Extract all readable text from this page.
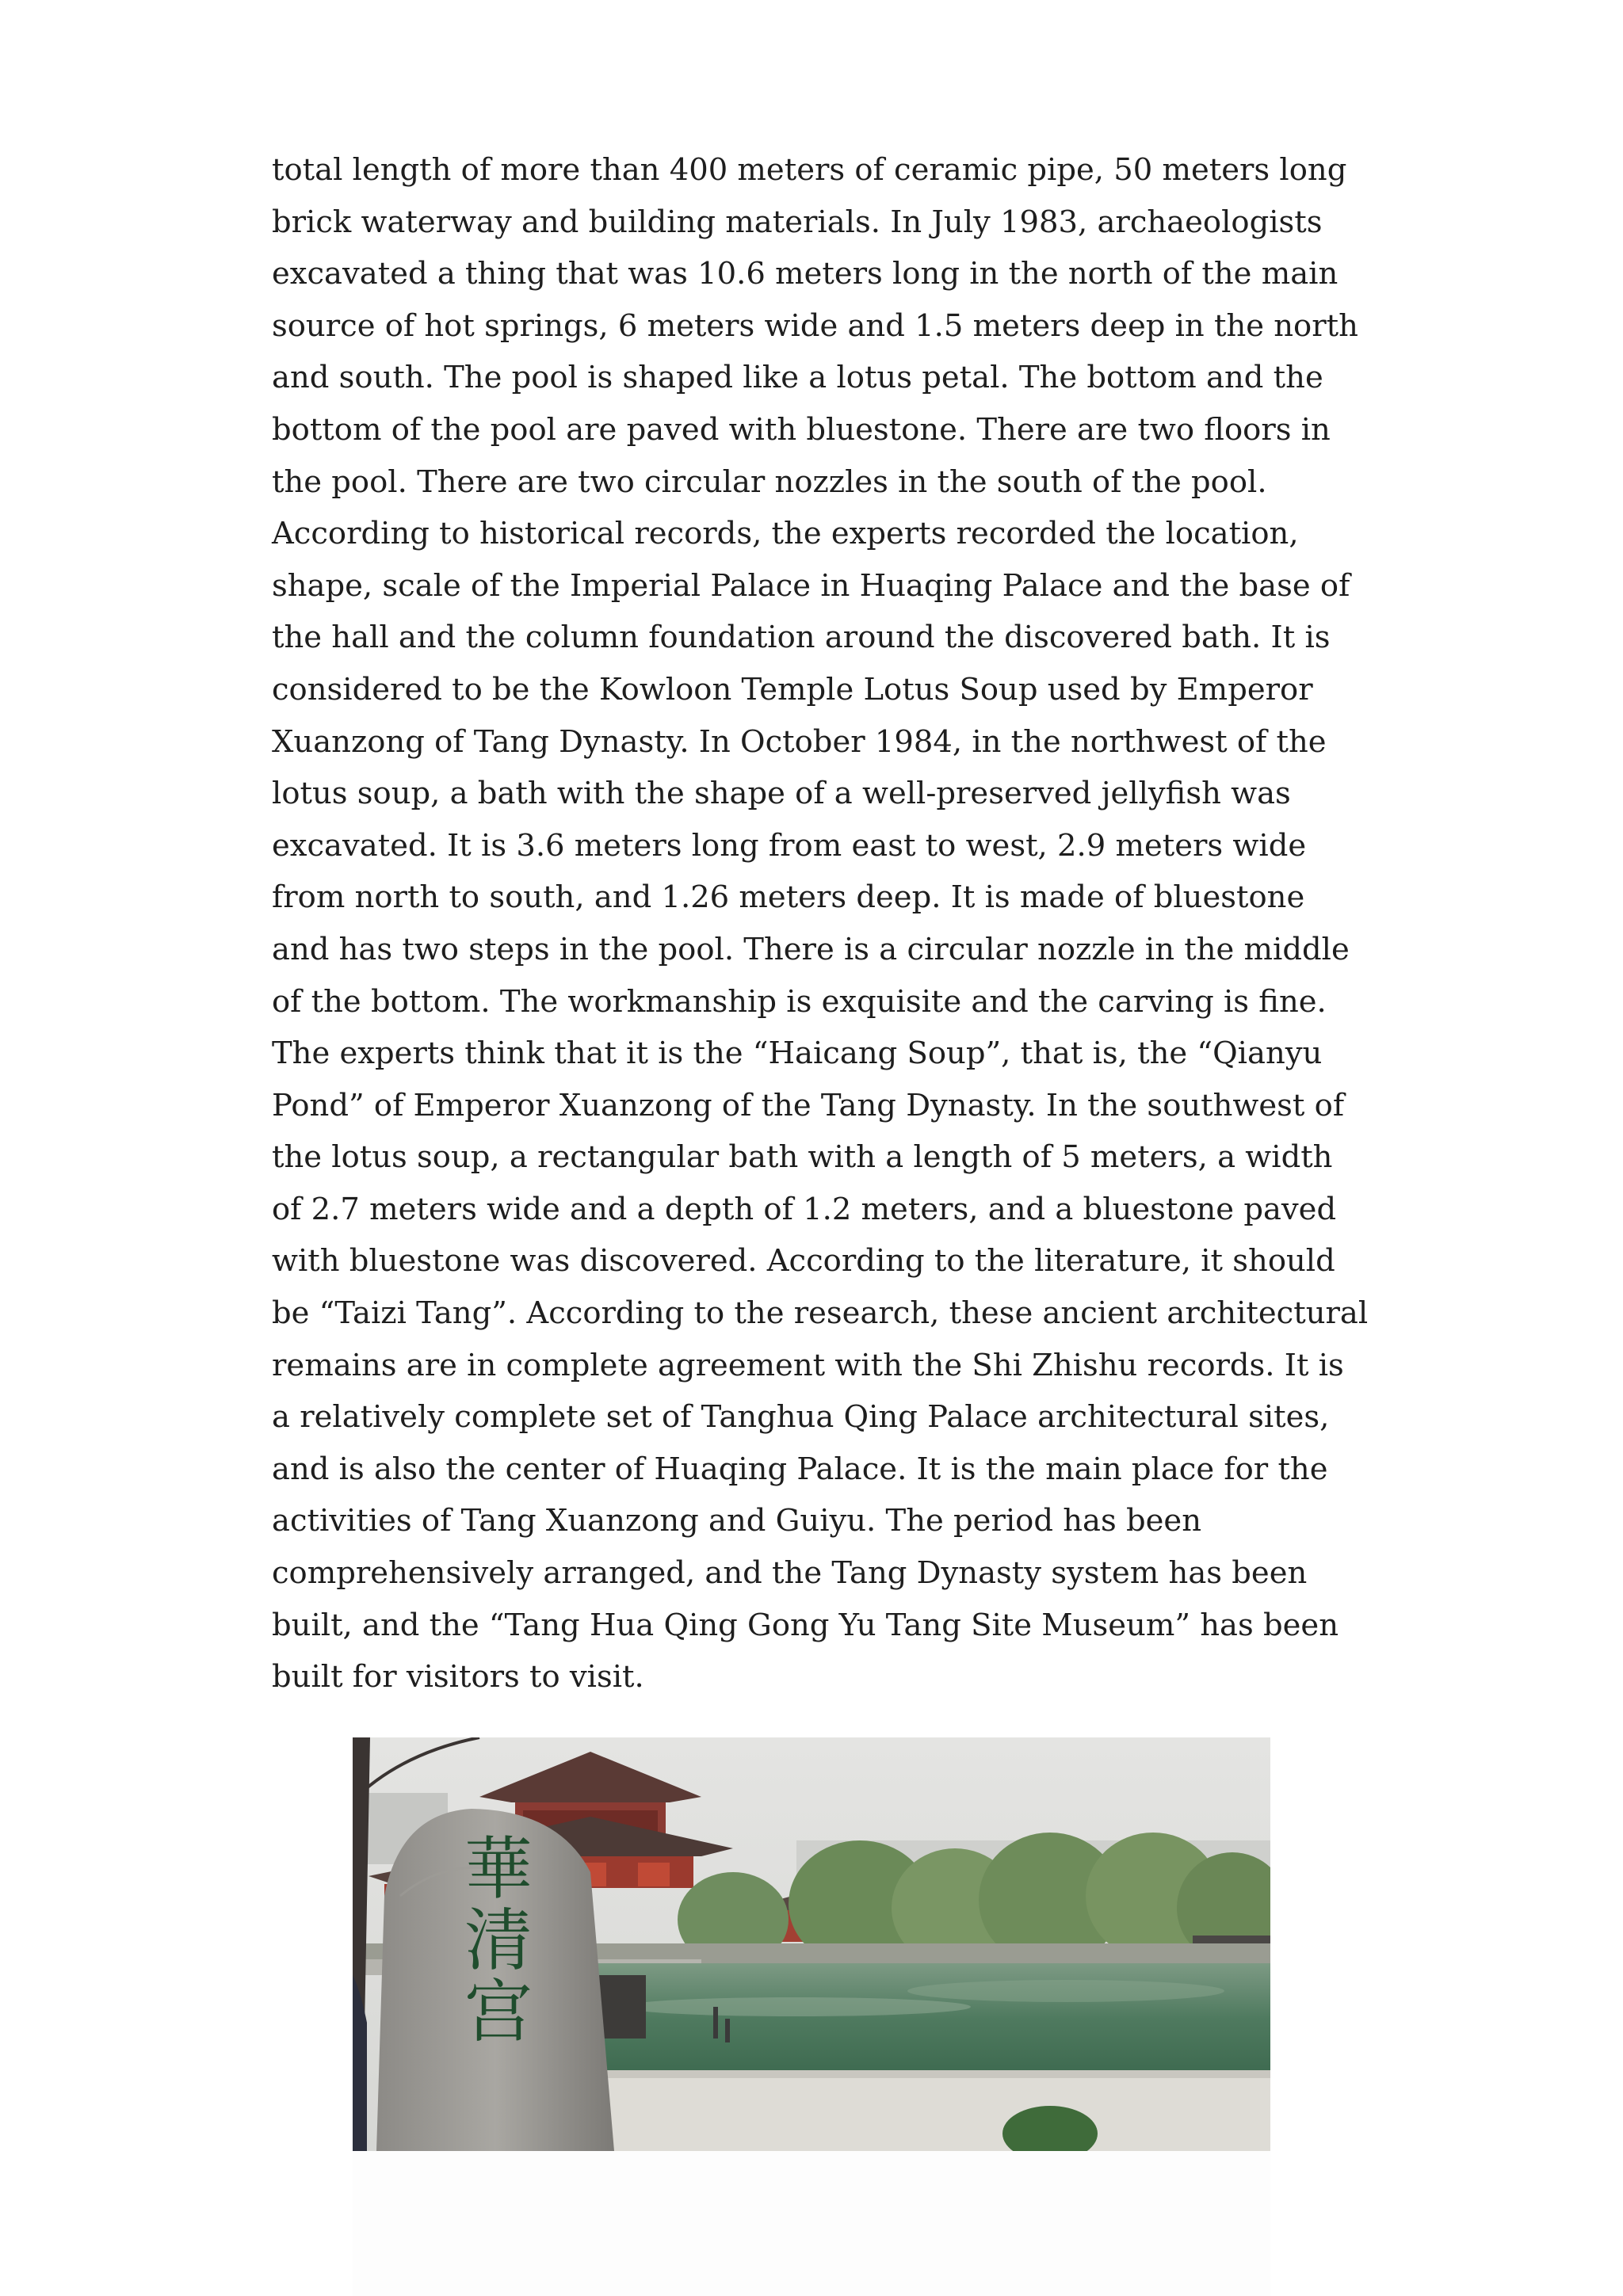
total length of more than 400 meters of ceramic pipe, 50 meters long
brick waterway and building materials. In July 1983, archaeologists
excavated a thing that was 10.6 meters long in the north of the main
source of hot springs, 6 meters wide and 1.5 meters deep in the north
and south. The pool is shaped like a lotus petal. The bottom and the
bottom of the pool are paved with bluestone. There are two floors in
the pool. There are two circular nozzles in the south of the pool.
According to historical records, the experts recorded the location,
shape, scale of the Imperial Palace in Huaqing Palace and the base of
the hall and the column foundation around the discovered bath. It is
considered to be the Kowloon Temple Lotus Soup used by Emperor
Xuanzong of Tang Dynasty. In October 1984, in the northwest of the
lotus soup, a bath with the shape of a well-preserved jellyfish was
excavated. It is 3.6 meters long from east to west, 2.9 meters wide
from north to south, and 1.26 meters deep. It is made of bluestone
and has two steps in the pool. There is a circular nozzle in the middle
of the bottom. The workmanship is exquisite and the carving is fine.
The experts think that it is the “Haicang Soup”, that is, the “Qianyu
Pond” of Emperor Xuanzong of the Tang Dynasty. In the southwest of
the lotus soup, a rectangular bath with a length of 5 meters, a width
of 2.7 meters wide and a depth of 1.2 meters, and a bluestone paved
with bluestone was discovered. According to the literature, it should
be “Taizi Tang”. According to the research, these ancient architectural
remains are in complete agreement with the Shi Zhishu records. It is
a relatively complete set of Tanghua Qing Palace architectural sites,
and is also the center of Huaqing Palace. It is the main place for the
activities of Tang Xuanzong and Guiyu. The period has been
comprehensively arranged, and the Tang Dynasty system has been
built, and the “Tang Hua Qing Gong Yu Tang Site Museum” has been
built for visitors to visit.
華清宫
